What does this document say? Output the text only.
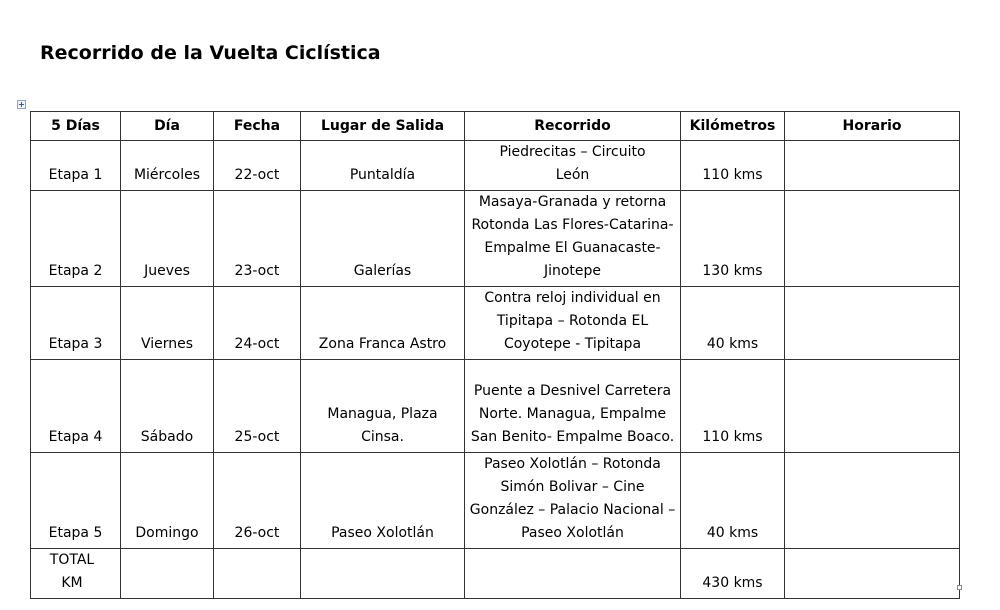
Recorrido de la Vuelta Ciclística
5 Días	Día	Fecha	Lugar de Salida	Recorrido	Kilómetros	Horario
Etapa 1	Miércoles	22-oct	Puntaldía	Piedrecitas – Circuito León	110 kms	
Etapa 2	Jueves	23-oct	Galerías	Masaya-Granada y retorna Rotonda Las Flores-Catarina-Empalme El Guanacaste-Jinotepe	130 kms	
Etapa 3	Viernes	24-oct	Zona Franca Astro	Contra reloj individual en Tipitapa – Rotonda EL Coyotepe - Tipitapa	40 kms	
Etapa 4	Sábado	25-oct	Managua, Plaza Cinsa.	Puente a Desnivel Carretera Norte. Managua, Empalme San Benito- Empalme Boaco.	110 kms	
Etapa 5	Domingo	26-oct	Paseo Xolotlán	Paseo Xolotlán – Rotonda Simón Bolivar – Cine González – Palacio Nacional – Paseo Xolotlán	40 kms	

TOTAL KM					430 kms	
